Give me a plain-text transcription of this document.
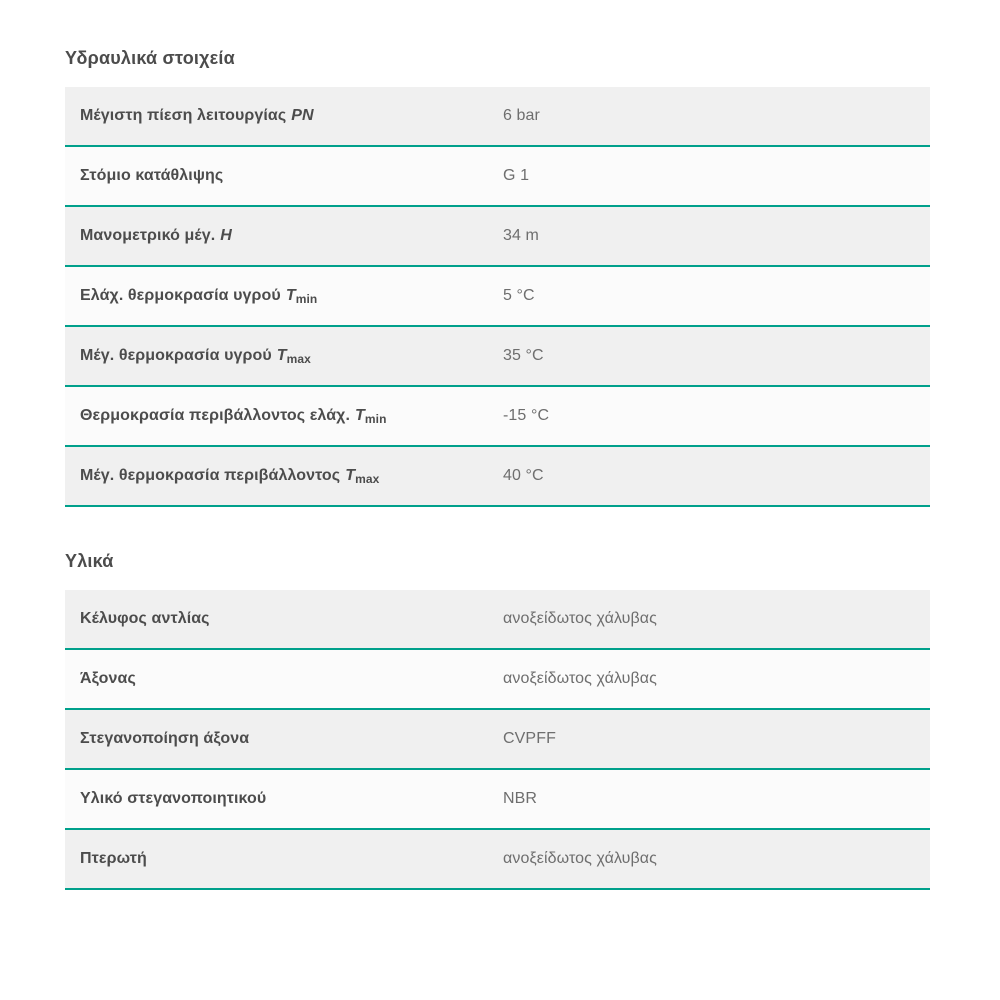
Υδραυλικά στοιχεία
Μέγιστη πίεση λειτουργίας PN	6 bar
Στόμιο κατάθλιψης	G 1
Μανομετρικό μέγ. H	34 m
Ελάχ. θερμοκρασία υγρού $T_{min}$	5 °C
Μέγ. θερμοκρασία υγρού $T_{max}$	35 °C
Θερμοκρασία περιβάλλοντος ελάχ. $T_{min}$	-15 °C
Μέγ. θερμοκρασία περιβάλλοντος $T_{max}$	40 °C
Υλικά
Κέλυφος αντλίας	ανοξείδωτος χάλυβας
Άξονας	ανοξείδωτος χάλυβας
Στεγανοποίηση άξονα	CVPFF
Υλικό στεγανοποιητικού	NBR
Πτερωτή	ανοξείδωτος χάλυβας
